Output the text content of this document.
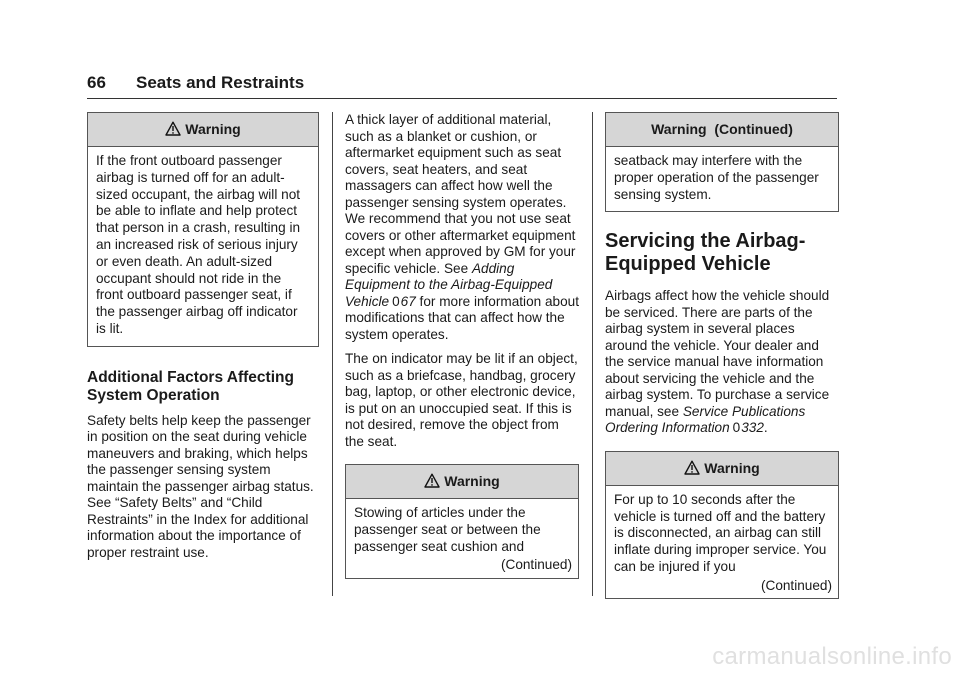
66 Seats and Restraints
Warning
If the front outboard passenger airbag is turned off for an adult-sized occupant, the airbag will not be able to inflate and help protect that person in a crash, resulting in an increased risk of serious injury or even death. An adult-sized occupant should not ride in the front outboard passenger seat, if the passenger airbag off indicator is lit.
Additional Factors Affecting System Operation

Safety belts help keep the passenger in position on the seat during vehicle maneuvers and braking, which helps the passenger sensing system maintain the passenger airbag status. See “Safety Belts” and “Child Restraints” in the Index for additional information about the importance of proper restraint use.

A thick layer of additional material, such as a blanket or cushion, or aftermarket equipment such as seat covers, seat heaters, and seat massagers can affect how well the passenger sensing system operates. We recommend that you not use seat covers or other aftermarket equipment except when approved by GM for your specific vehicle. See Adding Equipment to the Airbag-Equipped Vehicle 067 for more information about modifications that can affect how the system operates.

The on indicator may be lit if an object, such as a briefcase, handbag, grocery bag, laptop, or other electronic device, is put on an unoccupied seat. If this is not desired, remove the object from the seat.

Warning
Stowing of articles under the passenger seat or between the passenger seat cushion and
(Continued)
Warning  (Continued)
seatback may interfere with the proper operation of the passenger sensing system.
Servicing the Airbag-Equipped Vehicle

Airbags affect how the vehicle should be serviced. There are parts of the airbag system in several places around the vehicle. Your dealer and the service manual have information about servicing the vehicle and the airbag system. To purchase a service manual, see Service Publications Ordering Information 0332.

Warning
For up to 10 seconds after the vehicle is turned off and the battery is disconnected, an airbag can still inflate during improper service. You can be injured if you
(Continued)
carmanualsonline.info
